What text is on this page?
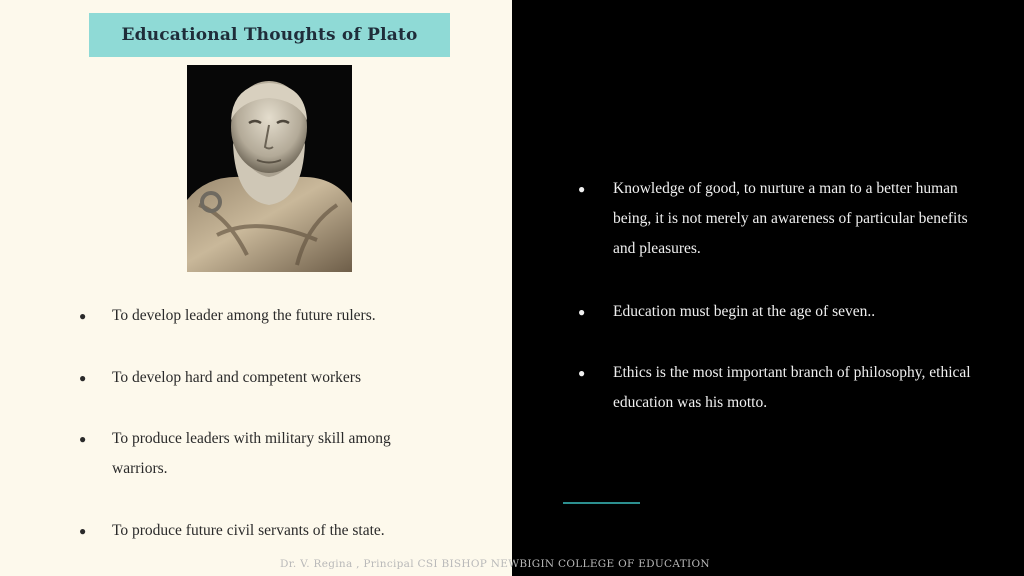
Educational Thoughts of Plato
● To develop leader among the future rulers.
● To develop hard and competent workers
● To produce leaders with military skill among warriors.
● To produce future civil servants of the state.
● Knowledge of good, to nurture a man to a better human being, it is not merely an awareness of particular benefits and pleasures.
● Education must begin at the age of seven..
● Ethics is the most important branch of philosophy, ethical education was his motto.
Dr. V. Regina , Principal CSI BISHOP NEWBIGIN COLLEGE OF EDUCATION
